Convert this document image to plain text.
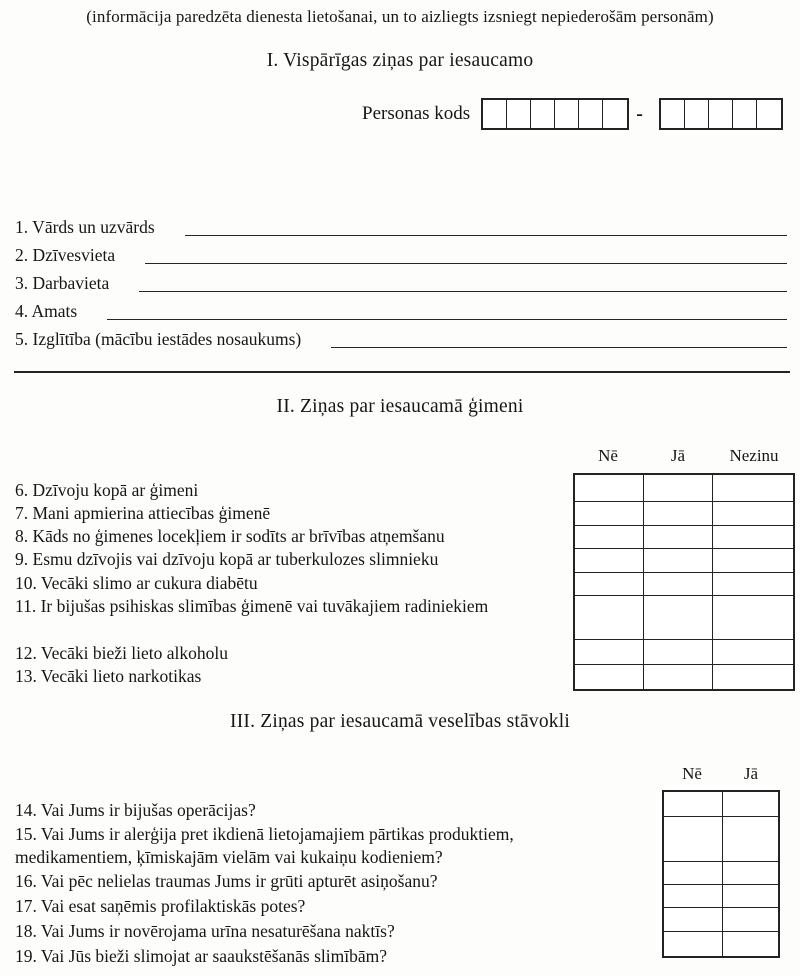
(informācija paredzēta dienesta lietošanai, un to aizliegts izsniegt nepiederošām personām)
I. Vispārīgas ziņas par iesaucamo
Personas kods	-
1. Vārds un uzvārds
2. Dzīvesvieta
3. Darbavieta
4. Amats
5. Izglītība (mācību iestādes nosaukums)
II. Ziņas par iesaucamā ģimeni
Nē	Jā	Nezinu
6. Dzīvoju kopā ar ģimeni
7. Mani apmierina attiecības ģimenē
8. Kāds no ģimenes locekļiem ir sodīts ar brīvības atņemšanu
9. Esmu dzīvojis vai dzīvoju kopā ar tuberkulozes slimnieku
10. Vecāki slimo ar cukura diabētu
11. Ir bijušas psihiskas slimības ģimenē vai tuvākajiem radiniekiem
12. Vecāki bieži lieto alkoholu
13. Vecāki lieto narkotikas
III. Ziņas par iesaucamā veselības stāvokli
Nē	Jā
14. Vai Jums ir bijušas operācijas?
15. Vai Jums ir alerģija pret ikdienā lietojamajiem pārtikas produktiem, medikamentiem, ķīmiskajām vielām vai kukaiņu kodieniem?
16. Vai pēc nelielas traumas Jums ir grūti apturēt asiņošanu?
17. Vai esat saņēmis profilaktiskās potes?
18. Vai Jums ir novērojama urīna nesaturēšana naktīs?
19. Vai Jūs bieži slimojat ar saaukstēšanās slimībām?
